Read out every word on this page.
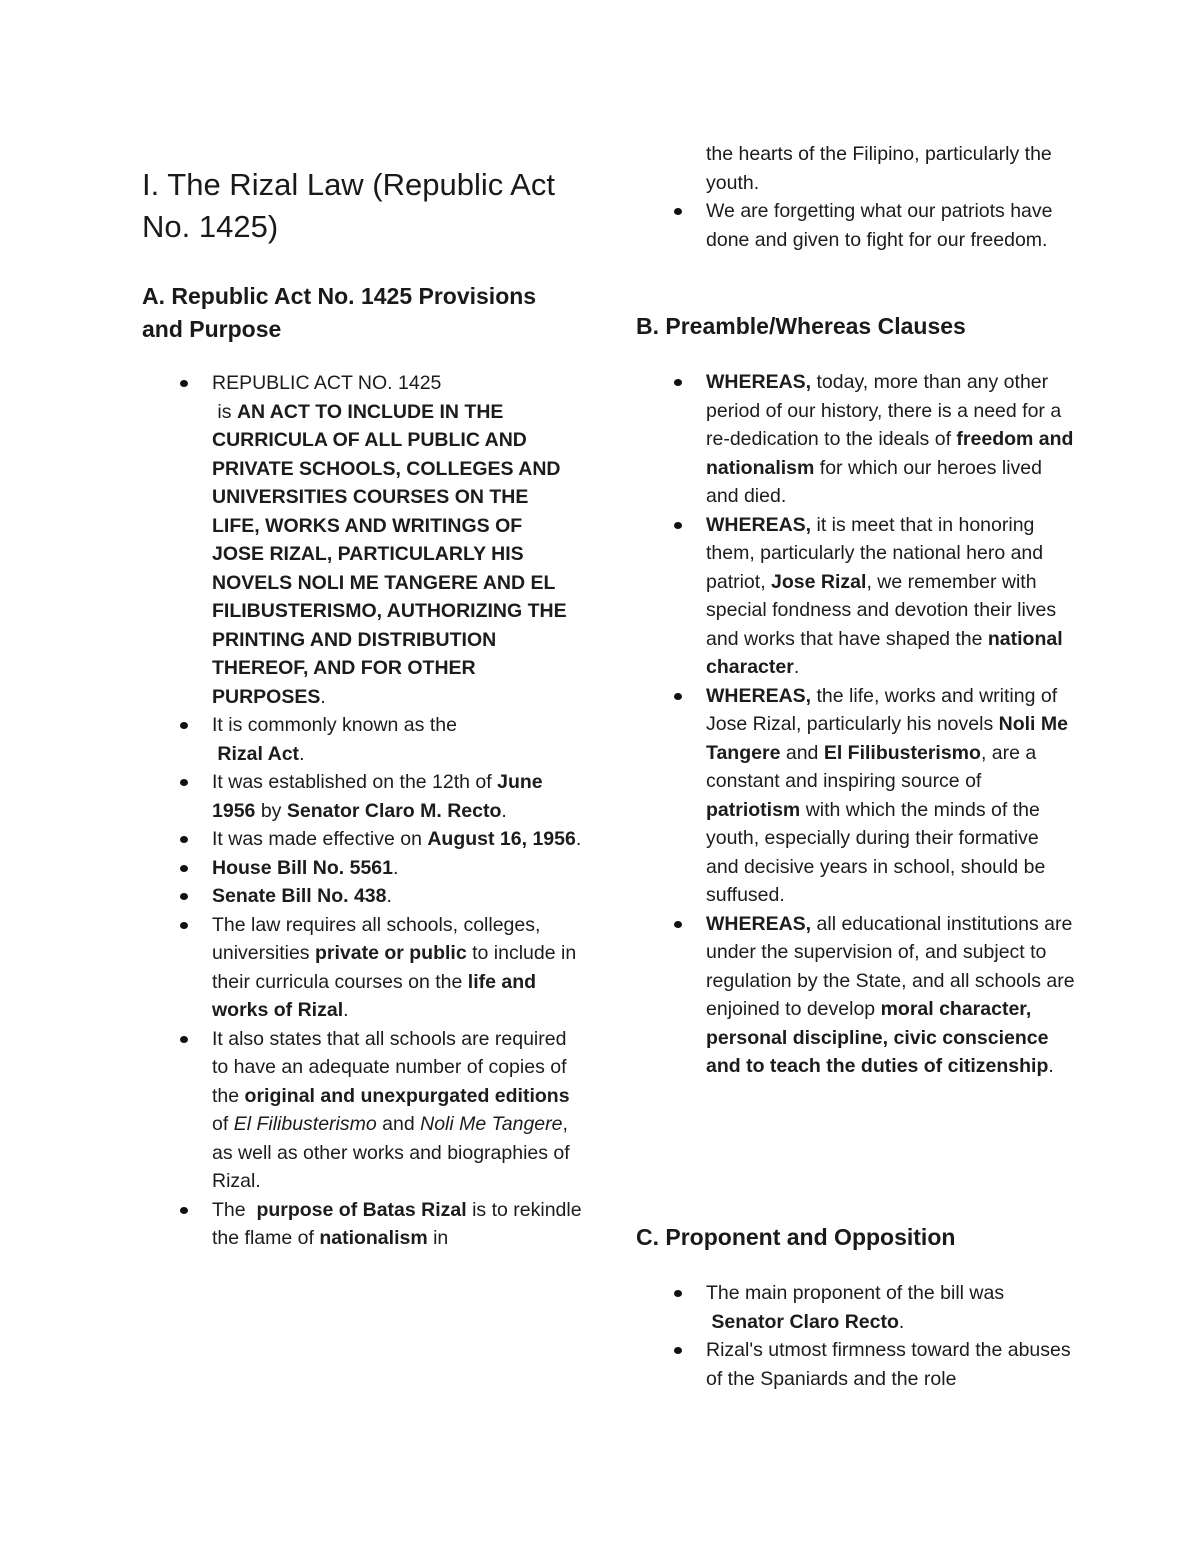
I. The Rizal Law (Republic Act No. 1425)
A. Republic Act No. 1425 Provisions and Purpose
REPUBLIC ACT NO. 1425
is AN ACT TO INCLUDE IN THE CURRICULA OF ALL PUBLIC AND PRIVATE SCHOOLS, COLLEGES AND UNIVERSITIES COURSES ON THE LIFE, WORKS AND WRITINGS OF JOSE RIZAL, PARTICULARLY HIS NOVELS NOLI ME TANGERE AND EL FILIBUSTERISMO, AUTHORIZING THE PRINTING AND DISTRIBUTION THEREOF, AND FOR OTHER PURPOSES.
It is commonly known as the
Rizal Act.
It was established on the 12th of June 1956 by Senator Claro M. Recto.
It was made effective on August 16, 1956.
House Bill No. 5561.
Senate Bill No. 438.
The law requires all schools, colleges, universities private or public to include in their curricula courses on the life and works of Rizal.
It also states that all schools are required to have an adequate number of copies of the original and unexpurgated editions of El Filibusterismo and Noli Me Tangere, as well as other works and biographies of Rizal.
The purpose of Batas Rizal is to rekindle the flame of nationalism in
the hearts of the Filipino, particularly the youth.
We are forgetting what our patriots have done and given to fight for our freedom.
B. Preamble/Whereas Clauses
WHEREAS, today, more than any other period of our history, there is a need for a re-dedication to the ideals of freedom and nationalism for which our heroes lived and died.
WHEREAS, it is meet that in honoring them, particularly the national hero and patriot, Jose Rizal, we remember with special fondness and devotion their lives and works that have shaped the national character.
WHEREAS, the life, works and writing of Jose Rizal, particularly his novels Noli Me Tangere and El Filibusterismo, are a constant and inspiring source of patriotism with which the minds of the youth, especially during their formative and decisive years in school, should be suffused.
WHEREAS, all educational institutions are under the supervision of, and subject to regulation by the State, and all schools are enjoined to develop moral character, personal discipline, civic conscience and to teach the duties of citizenship.
C. Proponent and Opposition
The main proponent of the bill was
Senator Claro Recto.
Rizal's utmost firmness toward the abuses of the Spaniards and the role
